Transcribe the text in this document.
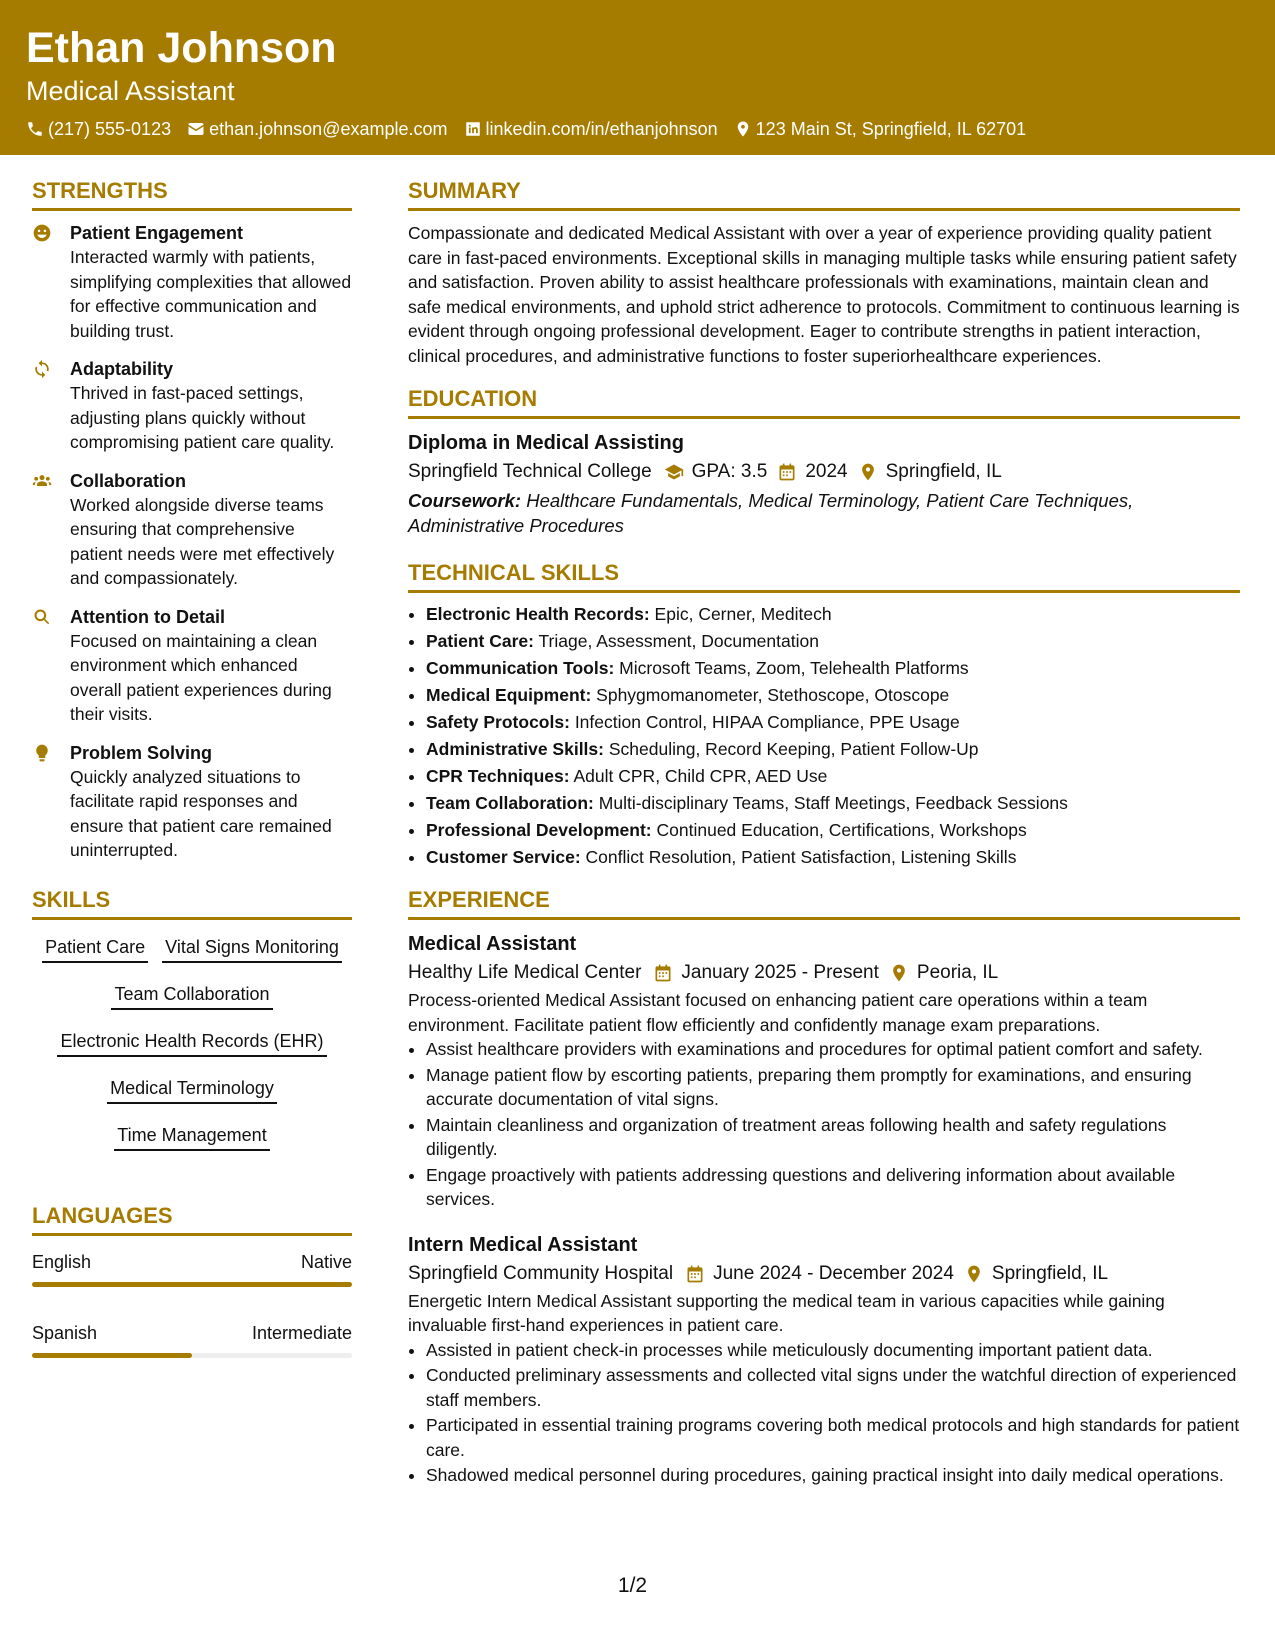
Ethan Johnson
Medical Assistant
(217) 555-0123 ethan.johnson@example.com linkedin.com/in/ethanjohnson 123 Main St, Springfield, IL 62701
STRENGTHS
Patient Engagement
Interacted warmly with patients, simplifying complexities that allowed for effective communication and building trust.
Adaptability
Thrived in fast-paced settings, adjusting plans quickly without compromising patient care quality.
Collaboration
Worked alongside diverse teams ensuring that comprehensive patient needs were met effectively and compassionately.
Attention to Detail
Focused on maintaining a clean environment which enhanced overall patient experiences during their visits.
Problem Solving
Quickly analyzed situations to facilitate rapid responses and ensure that patient care remained uninterrupted.
SKILLS
Patient Care Vital Signs Monitoring
Team Collaboration
Electronic Health Records (EHR)
Medical Terminology
Time Management
LANGUAGES
English	Native
Spanish	Intermediate
SUMMARY
Compassionate and dedicated Medical Assistant with over a year of experience providing quality patient care in fast-paced environments. Exceptional skills in managing multiple tasks while ensuring patient safety and satisfaction. Proven ability to assist healthcare professionals with examinations, maintain clean and safe medical environments, and uphold strict adherence to protocols. Commitment to continuous learning is evident through ongoing professional development. Eager to contribute strengths in patient interaction, clinical procedures, and administrative functions to foster superiorhealthcare experiences.
EDUCATION
Diploma in Medical Assisting
Springfield Technical College GPA: 3.5 2024 Springfield, IL
Coursework: Healthcare Fundamentals, Medical Terminology, Patient Care Techniques, Administrative Procedures
TECHNICAL SKILLS
• Electronic Health Records: Epic, Cerner, Meditech
• Patient Care: Triage, Assessment, Documentation
• Communication Tools: Microsoft Teams, Zoom, Telehealth Platforms
• Medical Equipment: Sphygmomanometer, Stethoscope, Otoscope
• Safety Protocols: Infection Control, HIPAA Compliance, PPE Usage
• Administrative Skills: Scheduling, Record Keeping, Patient Follow-Up
• CPR Techniques: Adult CPR, Child CPR, AED Use
• Team Collaboration: Multi-disciplinary Teams, Staff Meetings, Feedback Sessions
• Professional Development: Continued Education, Certifications, Workshops
• Customer Service: Conflict Resolution, Patient Satisfaction, Listening Skills
EXPERIENCE
Medical Assistant
Healthy Life Medical Center January 2025 - Present Peoria, IL
Process-oriented Medical Assistant focused on enhancing patient care operations within a team environment. Facilitate patient flow efficiently and confidently manage exam preparations.
• Assist healthcare providers with examinations and procedures for optimal patient comfort and safety.
• Manage patient flow by escorting patients, preparing them promptly for examinations, and ensuring accurate documentation of vital signs.
• Maintain cleanliness and organization of treatment areas following health and safety regulations diligently.
• Engage proactively with patients addressing questions and delivering information about available services.
Intern Medical Assistant
Springfield Community Hospital June 2024 - December 2024 Springfield, IL
Energetic Intern Medical Assistant supporting the medical team in various capacities while gaining invaluable first-hand experiences in patient care.
• Assisted in patient check-in processes while meticulously documenting important patient data.
• Conducted preliminary assessments and collected vital signs under the watchful direction of experienced staff members.
• Participated in essential training programs covering both medical protocols and high standards for patient care.
• Shadowed medical personnel during procedures, gaining practical insight into daily medical operations.
1/2
